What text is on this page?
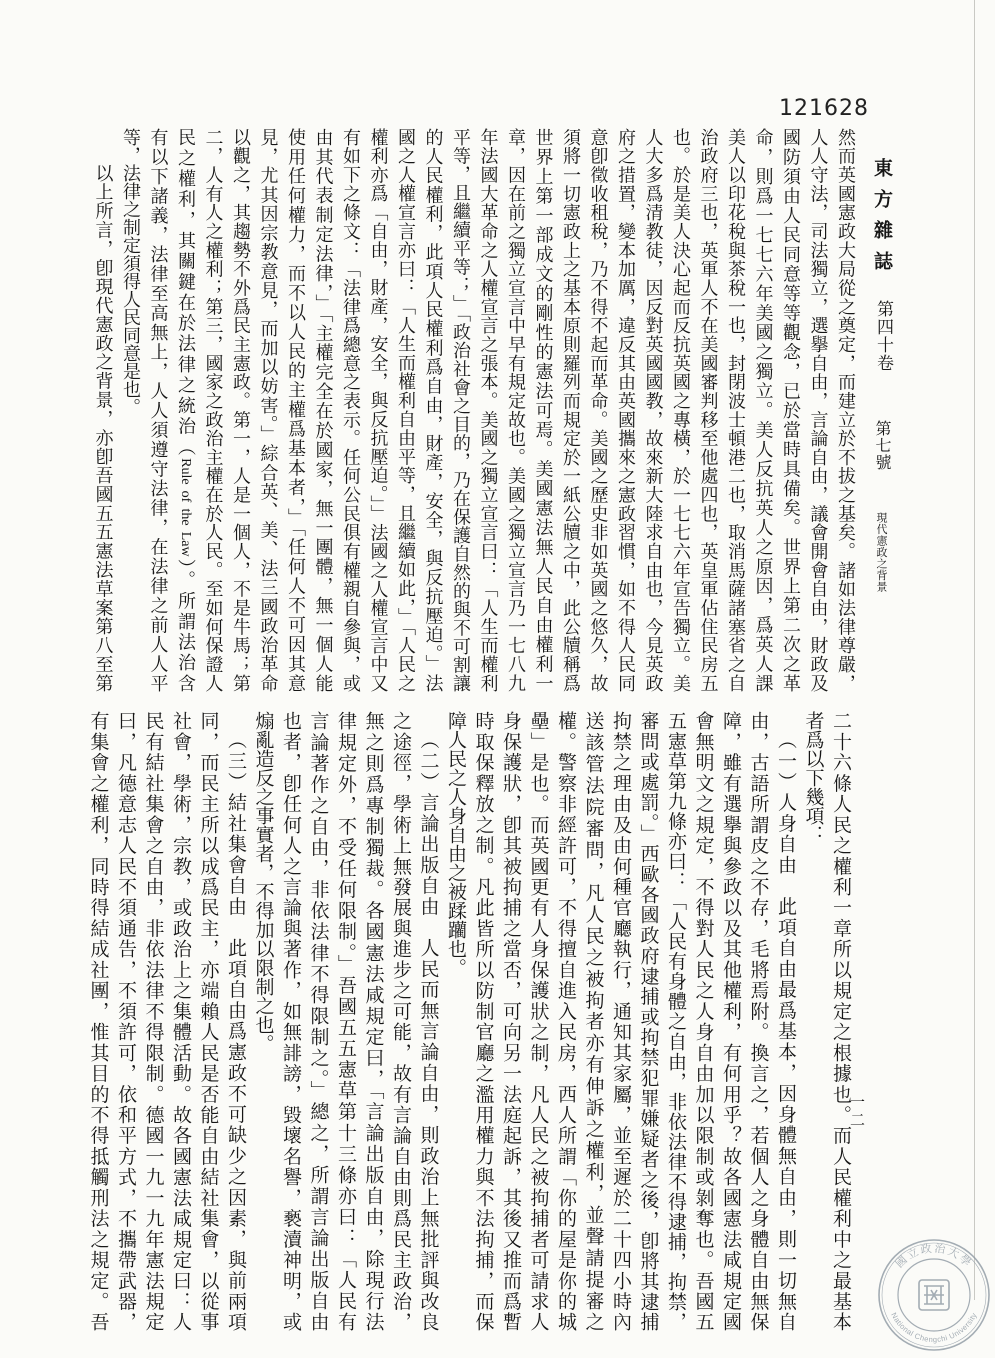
121628
東方雜誌
第四十卷
第七號
現代憲政之背景
然而英國憲政大局從之奠定，而建立於不拔之基矣。諸如法律尊嚴，
人人守法，司法獨立，選擧自由，言論自由，議會開會自由，財政及
國防須由人民同意等等觀念，已於當時具備矣。世界上第二次之革
命，則爲一七七六年美國之獨立。美人反抗英人之原因，爲英人課
美人以印花稅與茶稅一也，封閉波士頓港二也，取消馬薩諸塞省之自
治政府三也，英軍人不在美國審判移至他處四也，英皇軍佔住民房五
也。於是美人決心起而反抗英國之專橫，於一七七六年宣告獨立。美
人大多爲清教徒，因反對英國國教，故來新大陸求自由也，今見英政
府之措置，變本加厲，違反其由英國攜來之憲政習慣，如不得人民同
意卽徵收租稅，乃不得不起而革命。美國之歷史非如英國之悠久，故
須將一切憲政上之基本原則羅列而規定於一紙公牘之中，此公牘稱爲
世界上第一部成文的剛性的憲法可焉。美國憲法無人民自由權利一
章，因在前之獨立宣言中早有規定故也。美國之獨立宣言乃一七八九
年法國大革命之人權宣言之張本。美國之獨立宣言曰：「人生而權利
平等，且繼續平等；」「政治社會之目的，乃在保護自然的與不可割讓
的人民權利，此項人民權利爲自由，財產，安全，與反抗壓迫。」法
國之人權宣言亦曰：「人生而權利自由平等，且繼續如此，」「人民之
權利亦爲「自由，財產，安全，與反抗壓迫。」」法國之人權宣言中又
有如下之條文：「法律爲總意之表示。任何公民俱有權親自參與，或
由其代表制定法律，」「主權完全在於國家，無一團體，無一個人能
使用任何權力，而不以人民的主權爲基本者，」「任何人不可因其意
見，尤其因宗教意見，而加以妨害。」綜合英、美、法三國政治革命
以觀之，其趨勢不外爲民主憲政。第一，人是一個人，不是牛馬；第
二，人有人之權利；第三，國家之政治主權在於人民。至如何保證人
民之權利，其關鍵在於法律之統治（Rule of the Law）。所謂法治含
有以下諸義，法律至高無上，人人須遵守法律，在法律之前人人平
等，法律之制定須得人民同意是也。
以上所言，卽現代憲政之背景，亦卽吾國五五憲法草案第八至第
二十六條人民之權利一章所以規定之根據也。而人民權利中之最基本
者爲以下幾項：
（一）人身自由　此項自由最爲基本，因身體無自由，則一切無自
由，古語所謂皮之不存，毛將焉附。換言之，若個人之身體自由無保
障，雖有選擧與參政以及其他權利，有何用乎？故各國憲法咸規定國
會無明文之規定，不得對人民之人身自由加以限制或剝奪也。吾國五
五憲草第九條亦曰：「人民有身體之自由，非依法律不得逮捕，拘禁，
審問或處罰。」西歐各國政府逮捕或拘禁犯罪嫌疑者之後，卽將其逮捕
拘禁之理由及由何種官廳執行，通知其家屬，並至遲於二十四小時內
送該管法院審問，凡人民之被拘者亦有伸訴之權利，並聲請提審之
權。警察非經許可，不得擅自進入民房，西人所謂「你的屋是你的城
壘」是也。而英國更有人身保護狀之制，凡人民之被拘捕者可請求人
身保護狀，卽其被拘捕之當否，可向另一法庭起訴，其後又推而爲暫
時取保釋放之制。凡此皆所以防制官廳之濫用權力與不法拘捕，而保
障人民之人身自由之被蹂躪也。
（二）言論出版自由　人民而無言論自由，則政治上無批評與改良
之途徑，學術上無發展與進步之可能，故有言論自由則爲民主政治，
無之則爲專制獨裁。各國憲法咸規定曰，「言論出版自由，除現行法
律規定外，不受任何限制。」吾國五五憲草第十三條亦曰：「人民有
言論著作之自由，非依法律不得限制之。」總之，所謂言論出版自由
也者，卽任何人之言論與著作，如無誹謗，毀壞名譽，褻瀆神明，或
煽亂造反之事實者，不得加以限制之也。
（三）結社集會自由　此項自由爲憲政不可缺少之因素，與前兩項
同，而民主所以成爲民主，亦端賴人民是否能自由結社集會，以從事
社會，學術，宗教，或政治上之集體活動。故各國憲法咸規定曰：人
民有結社集會之自由，非依法律不得限制。德國一九一九年憲法規定
曰，凡德意志人民不須通告，不須許可，依和平方式，不攜帶武器，
有集會之權利，同時得結成社團，惟其目的不得抵觸刑法之規定。吾	一二
國立政治大學
National Chengchi University
